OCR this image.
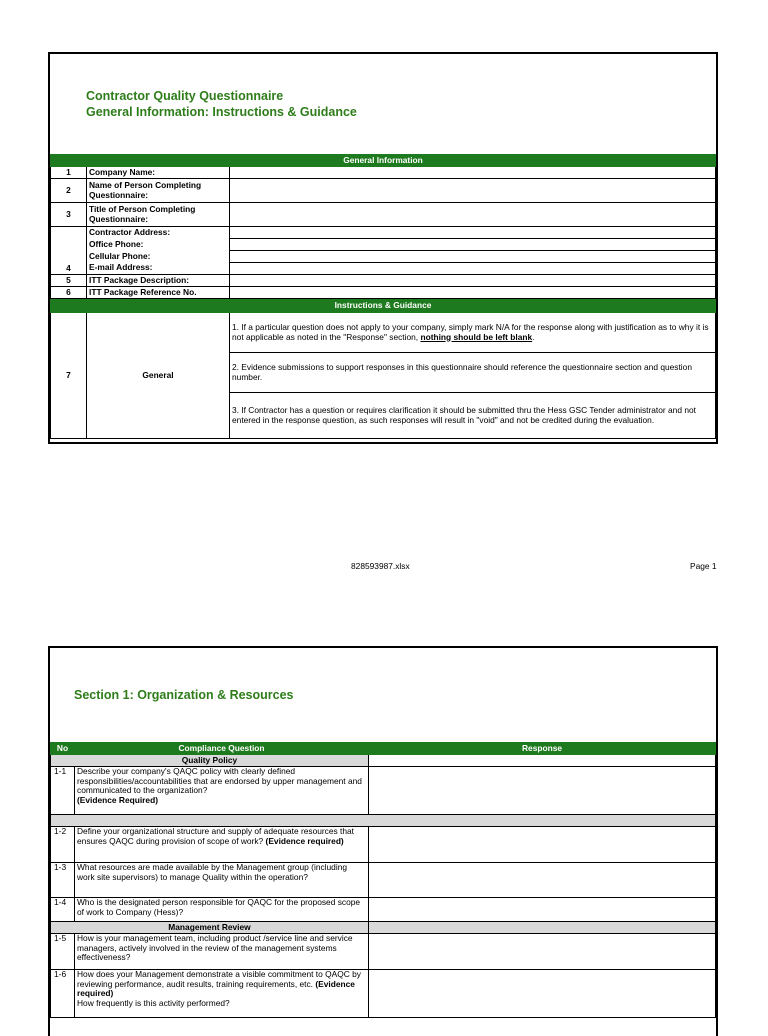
Contractor Quality Questionnaire
General Information: Instructions & Guidance
General Information		
1	Company Name:	
2	Name of Person Completing Questionnaire:	
3	Title of Person Completing Questionnaire:	
4	Contractor Address:	
	Office Phone:	
	Cellular Phone:	
	E-mail Address:	
5	ITT Package Description:	
6	ITT Package Reference No.	
Instructions & Guidance		
7	General	1. If a particular question does not apply to your company, simply mark N/A for the response along with justification as to why it is not applicable as noted in the "Response" section, nothing should be left blank.
		2. Evidence submissions to support responses in this questionnaire should reference the questionnaire section and question number.
		3. If Contractor has a question or requires clarification it should be submitted thru the Hess GSC Tender administrator and not entered in the response question, as such responses will result in "void" and not be credited during the evaluation.
828593987.xlsx	Page 1
Section 1: Organization & Resources
No	Compliance Question	Response
Quality Policy		
1-1	Describe your company's QAQC policy with clearly defined responsibilities/accountabilities that are endorsed by upper management and communicated to the organization?
(Evidence Required)	

1-2	Define your organizational structure and supply of adequate resources that ensures QAQC during provision of scope of work? (Evidence required)	
1-3	What resources are made available by the Management group (including work site supervisors) to manage Quality within the operation?	
1-4	Who is the designated person responsible for QAQC for the proposed scope of work to Company (Hess)?	
Management Review		
1-5	How is your management team, including product /service line and service managers, actively involved in the review of the management systems effectiveness?	
1-6	How does your Management demonstrate a visible commitment to QAQC by reviewing performance, audit results, training requirements, etc. (Evidence required)
How frequently is this activity performed?	
